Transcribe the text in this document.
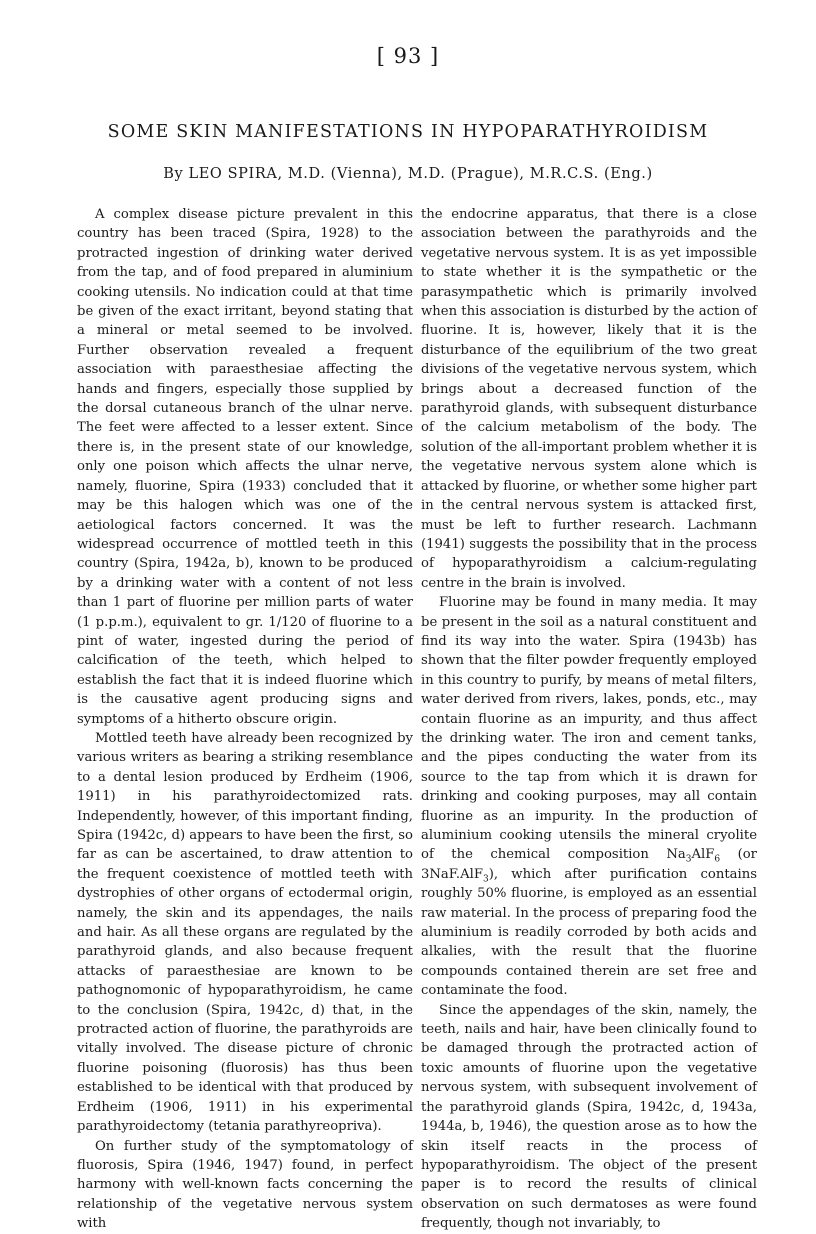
[ 93 ]
SOME SKIN MANIFESTATIONS IN HYPOPARATHYROIDISM
By LEO SPIRA, M.D. (Vienna), M.D. (Prague), M.R.C.S. (Eng.)

A complex disease picture prevalent in this country has been traced (Spira, 1928) to the protracted ingestion of drinking water derived from the tap, and of food prepared in aluminium cooking utensils. No indication could at that time be given of the exact irritant, beyond stating that a mineral or metal seemed to be involved. Further observation revealed a frequent association with paraesthesiae affecting the hands and fingers, especially those supplied by the dorsal cutaneous branch of the ulnar nerve. The feet were affected to a lesser extent. Since there is, in the present state of our knowledge, only one poison which affects the ulnar nerve, namely, fluorine, Spira (1933) concluded that it may be this halogen which was one of the aetiological factors concerned. It was the widespread occurrence of mottled teeth in this country (Spira, 1942a, b), known to be produced by a drinking water with a content of not less than 1 part of fluorine per million parts of water (1 p.p.m.), equivalent to gr. 1/120 of fluorine to a pint of water, ingested during the period of calcification of the teeth, which helped to establish the fact that it is indeed fluorine which is the causative agent producing signs and symptoms of a hitherto obscure origin.

Mottled teeth have already been recognized by various writers as bearing a striking resemblance to a dental lesion produced by Erdheim (1906, 1911) in his parathyroidectomized rats. Independently, however, of this important finding, Spira (1942c, d) appears to have been the first, so far as can be ascertained, to draw attention to the frequent coexistence of mottled teeth with dystrophies of other organs of ectodermal origin, namely, the skin and its appendages, the nails and hair. As all these organs are regulated by the parathyroid glands, and also because frequent attacks of paraesthesiae are known to be pathognomonic of hypoparathyroidism, he came to the conclusion (Spira, 1942c, d) that, in the protracted action of fluorine, the parathyroids are vitally involved. The disease picture of chronic fluorine poisoning (fluorosis) has thus been established to be identical with that produced by Erdheim (1906, 1911) in his experimental parathyroidectomy (tetania parathyreopriva).

On further study of the symptomatology of fluorosis, Spira (1946, 1947) found, in perfect harmony with well-known facts concerning the relationship of the vegetative nervous system with

the endocrine apparatus, that there is a close association between the parathyroids and the vegetative nervous system. It is as yet impossible to state whether it is the sympathetic or the parasympathetic which is primarily involved when this association is disturbed by the action of fluorine. It is, however, likely that it is the disturbance of the equilibrium of the two great divisions of the vegetative nervous system, which brings about a decreased function of the parathyroid glands, with subsequent disturbance of the calcium metabolism of the body. The solution of the all-important problem whether it is the vegetative nervous system alone which is attacked by fluorine, or whether some higher part in the central nervous system is attacked first, must be left to further research. Lachmann (1941) suggests the possibility that in the process of hypoparathyroidism a calcium-regulating centre in the brain is involved.

Fluorine may be found in many media. It may be present in the soil as a natural constituent and find its way into the water. Spira (1943b) has shown that the filter powder frequently employed in this country to purify, by means of metal filters, water derived from rivers, lakes, ponds, etc., may contain fluorine as an impurity, and thus affect the drinking water. The iron and cement tanks, and the pipes conducting the water from its source to the tap from which it is drawn for drinking and cooking purposes, may all contain fluorine as an impurity. In the production of aluminium cooking utensils the mineral cryolite of the chemical composition $Na_3AlF_6$ (or 3NaF.AlF$_3$), which after purification contains roughly 50% fluorine, is employed as an essential raw material. In the process of preparing food the aluminium is readily corroded by both acids and alkalies, with the result that the fluorine compounds contained therein are set free and contaminate the food.

Since the appendages of the skin, namely, the teeth, nails and hair, have been clinically found to be damaged through the protracted action of toxic amounts of fluorine upon the vegetative nervous system, with subsequent involvement of the parathyroid glands (Spira, 1942c, d, 1943a, 1944a, b, 1946), the question arose as to how the skin itself reacts in the process of hypoparathyroidism. The object of the present paper is to record the results of clinical observation on such dermatoses as were found frequently, though not invariably, to
